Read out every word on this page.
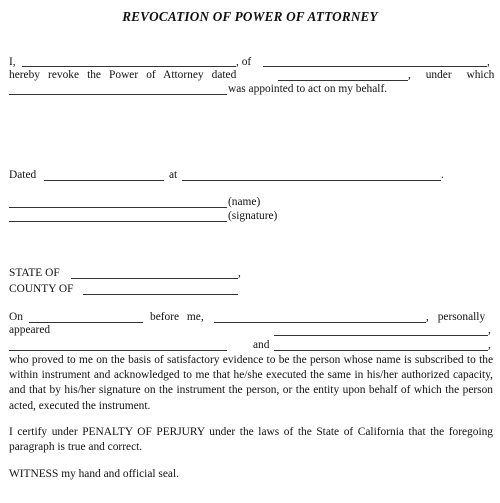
REVOCATION OF POWER OF ATTORNEY
I,	, of	,
hereby revoke the Power of Attorney dated	, under which
was appointed to act on my behalf.
Dated	at	.
(name)
(signature)
STATE OF	,
COUNTY OF
On	before me,	, personally
appeared	,
and	,
who proved to me on the basis of satisfactory evidence to be the person whose name is subscribed to the within instrument and acknowledged to me that he/she executed the same in his/her authorized capacity, and that by his/her signature on the instrument the person, or the entity upon behalf of which the person acted, executed the instrument.
I certify under PENALTY OF PERJURY under the laws of the State of California that the foregoing paragraph is true and correct.
WITNESS my hand and official seal.
